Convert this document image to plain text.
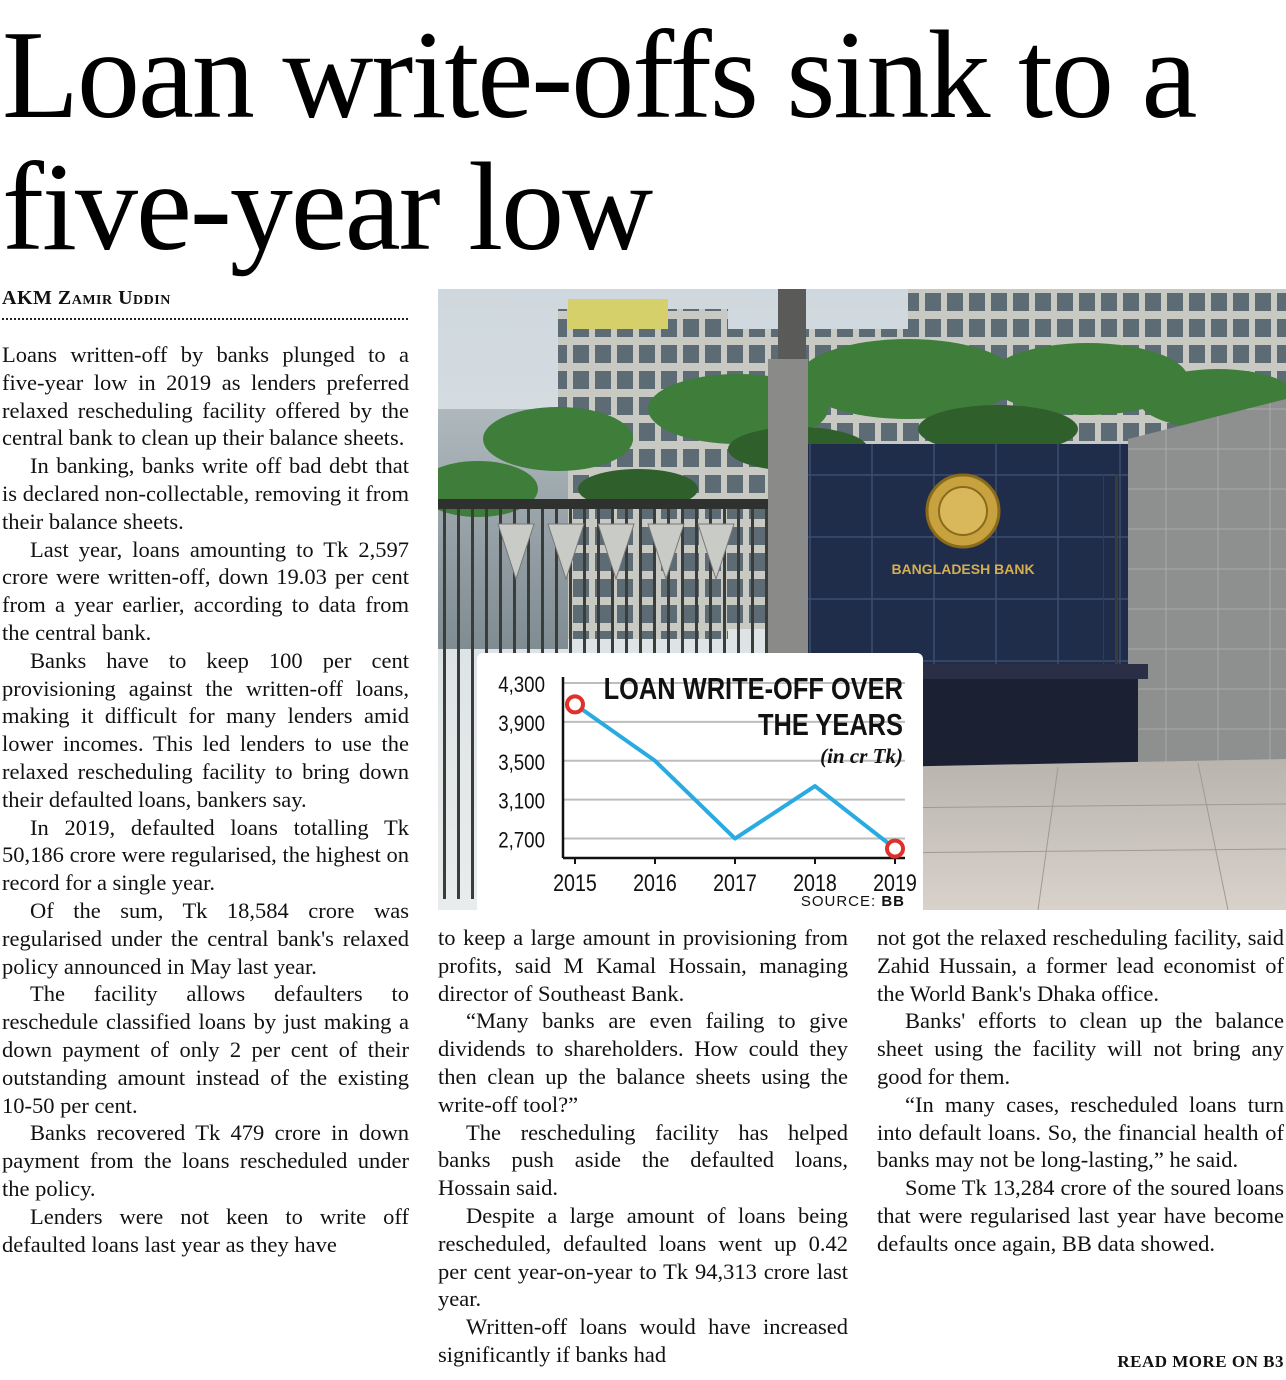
Loan write-offs sink to a five-year low
AKM Zamir Uddin

Loans written-off by banks plunged to a five-year low in 2019 as lenders preferred relaxed rescheduling facility offered by the central bank to clean up their balance sheets.

In banking, banks write off bad debt that is declared non-collectable, removing it from their balance sheets.

Last year, loans amounting to Tk 2,597 crore were written-off, down 19.03 per cent from a year earlier, according to data from the central bank.

Banks have to keep 100 per cent provisioning against the written-off loans, making it difficult for many lenders amid lower incomes. This led lenders to use the relaxed rescheduling facility to bring down their defaulted loans, bankers say.

In 2019, defaulted loans totalling Tk 50,186 crore were regularised, the highest on record for a single year.

Of the sum, Tk 18,584 crore was regularised under the central bank's relaxed policy announced in May last year.

The facility allows defaulters to reschedule classified loans by just making a down payment of only 2 per cent of their outstanding amount instead of the existing 10-50 per cent.

Banks recovered Tk 479 crore in down payment from the loans rescheduled under the policy.

Lenders were not keen to write off defaulted loans last year as they have

BANGLADESH BANK
4,300
3,900
3,500
3,100
2,700
2015 2016 2017 2018 2019
LOAN WRITE-OFF OVER THE YEARS
(in cr Tk)
SOURCE: BB

to keep a large amount in provisioning from profits, said M Kamal Hossain, managing director of Southeast Bank.

“Many banks are even failing to give dividends to shareholders. How could they then clean up the balance sheets using the write-off tool?”

The rescheduling facility has helped banks push aside the defaulted loans, Hossain said.

Despite a large amount of loans being rescheduled, defaulted loans went up 0.42 per cent year-on-year to Tk 94,313 crore last year.

Written-off loans would have increased significantly if banks had

not got the relaxed rescheduling facility, said Zahid Hussain, a former lead economist of the World Bank's Dhaka office.

Banks' efforts to clean up the balance sheet using the facility will not bring any good for them.

“In many cases, rescheduled loans turn into default loans. So, the financial health of banks may not be long-lasting,” he said.

Some Tk 13,284 crore of the soured loans that were regularised last year have become defaults once again, BB data showed.

READ MORE ON B3
